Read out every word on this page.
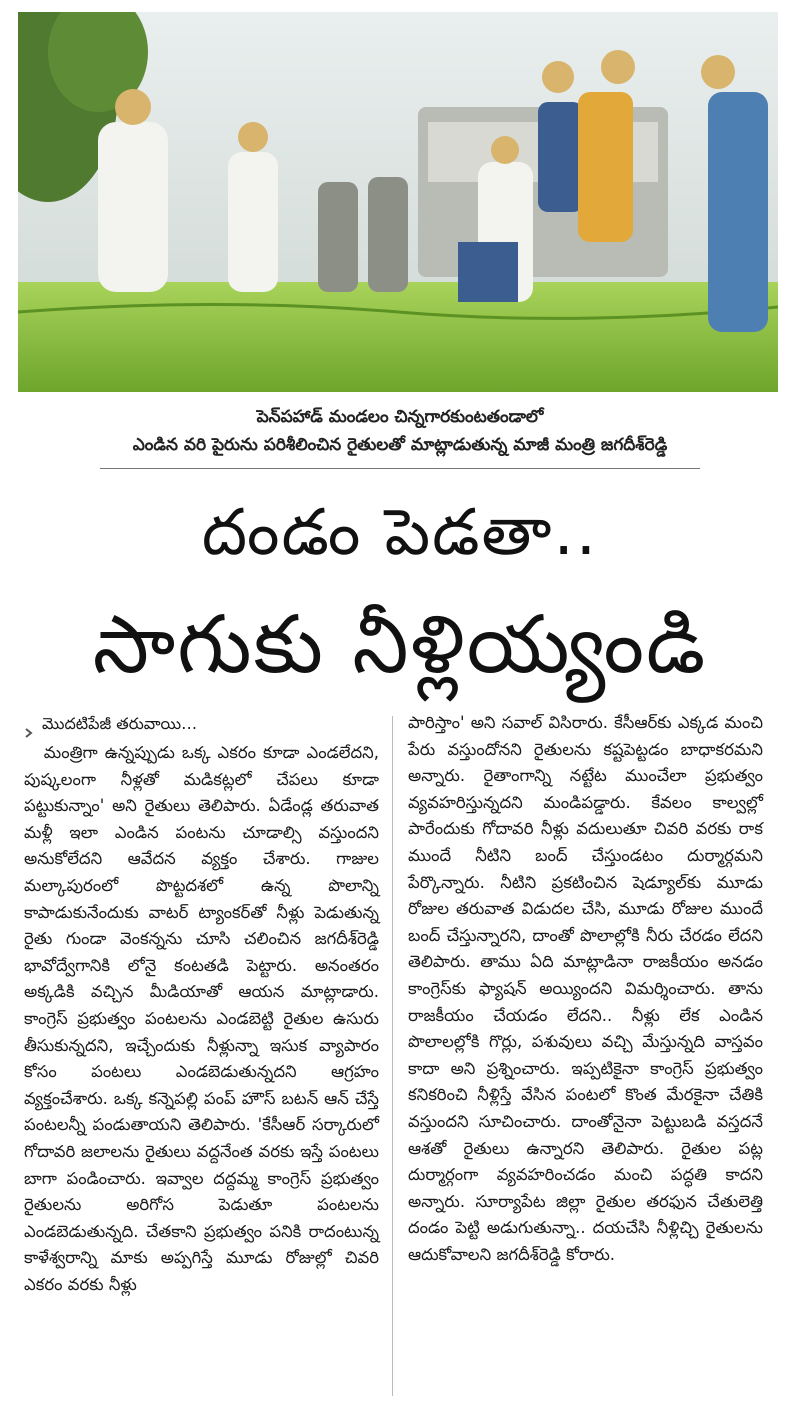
పెన్‌పహాడ్‌ మండలం చిన్నగారకుంటతండాలో
ఎండిన వరి పైరును పరిశీలించిన రైతులతో మాట్లాడుతున్న మాజీ మంత్రి జగదీశ్‌రెడ్డి
దండం పెడతా..
సాగుకు నీళ్లియ్యండి
మొదటిపేజీ తరువాయి…

మంత్రిగా ఉన్నప్పుడు ఒక్క ఎకరం కూడా ఎండలేదని, పుష్కలంగా నీళ్లతో మడికట్లలో చేపలు కూడా పట్టుకున్నాం' అని రైతులు తెలిపారు. ఏడేండ్ల తరువాత మళ్లీ ఇలా ఎండిన పంటను చూడాల్సి వస్తుందని అనుకోలేదని ఆవేదన వ్యక్తం చేశారు. గాజుల మల్కాపురంలో పొట్టదశలో ఉన్న పొలాన్ని కాపాడుకునేందుకు వాటర్‌ ట్యాంకర్‌తో నీళ్లు పెడుతున్న రైతు గుండా వెంకన్నను చూసి చలించిన జగదీశ్‌రెడ్డి భావోద్వేగానికి లోనై కంటతడి పెట్టారు. అనంతరం అక్కడికి వచ్చిన మీడియాతో ఆయన మాట్లాడారు. కాంగ్రెస్‌ ప్రభుత్వం పంటలను ఎండబెట్టి రైతుల ఉసురు తీసుకున్నదని, ఇచ్చేందుకు నీళ్లున్నా ఇసుక వ్యాపారం కోసం పంటలు ఎండబెడుతున్నదని ఆగ్రహం వ్యక్తంచేశారు. ఒక్క కన్నెపల్లి పంప్‌ హౌస్‌ బటన్‌ ఆన్‌ చేస్తే పంటలన్నీ పండుతాయని తెలిపారు. 'కేసీఆర్‌ సర్కారులో గోదావరి జలాలను రైతులు వద్దనేంత వరకు ఇస్తే పంటలు బాగా పండించారు. ఇవ్వాల దద్దమ్మ కాంగ్రెస్‌ ప్రభుత్వం రైతులను అరిగోస పెడుతూ పంటలను ఎండబెడుతున్నది. చేతకాని ప్రభుత్వం పనికి రాదంటున్న కాళేశ్వరాన్ని మాకు అప్పగిస్తే మూడు రోజుల్లో చివరి ఎకరం వరకు నీళ్లు

పారిస్తాం' అని సవాల్‌ విసిరారు. కేసీఆర్‌కు ఎక్కడ మంచి పేరు వస్తుందోనని రైతులను కష్టపెట్టడం బాధాకరమని అన్నారు. రైతాంగాన్ని నట్టేట ముంచేలా ప్రభుత్వం వ్యవహరిస్తున్నదని మండిపడ్డారు. కేవలం కాల్వల్లో పారేందుకు గోదావరి నీళ్లు వదులుతూ చివరి వరకు రాక ముందే నీటిని బంద్‌ చేస్తుండటం దుర్మార్గమని పేర్కొన్నారు. నీటిని ప్రకటించిన షెడ్యూల్‌కు మూడు రోజుల తరువాత విడుదల చేసి, మూడు రోజుల ముందే బంద్‌ చేస్తున్నారని, దాంతో పొలాల్లోకి నీరు చేరడం లేదని తెలిపారు. తాము ఏది మాట్లాడినా రాజకీయం అనడం కాంగ్రెస్‌కు ఫ్యాషన్‌ అయ్యిందని విమర్శించారు. తాను రాజకీయం చేయడం లేదని.. నీళ్లు లేక ఎండిన పొలాలల్లోకి గొర్లు, పశువులు వచ్చి మేస్తున్నది వాస్తవం కాదా అని ప్రశ్నించారు. ఇప్పటికైనా కాంగ్రెస్‌ ప్రభుత్వం కనికరించి నీళ్లిస్తే వేసిన పంటలో కొంత మేరకైనా చేతికి వస్తుందని సూచించారు. దాంతోనైనా పెట్టుబడి వస్తదనే ఆశతో రైతులు ఉన్నారని తెలిపారు. రైతుల పట్ల దుర్మార్గంగా వ్యవహరించడం మంచి పద్ధతి కాదని అన్నారు. సూర్యాపేట జిల్లా రైతుల తరఫున చేతులెత్తి దండం పెట్టి అడుగుతున్నా.. దయచేసి నీళ్లిచ్చి రైతులను ఆదుకోవాలని జగదీశ్‌రెడ్డి కోరారు.
